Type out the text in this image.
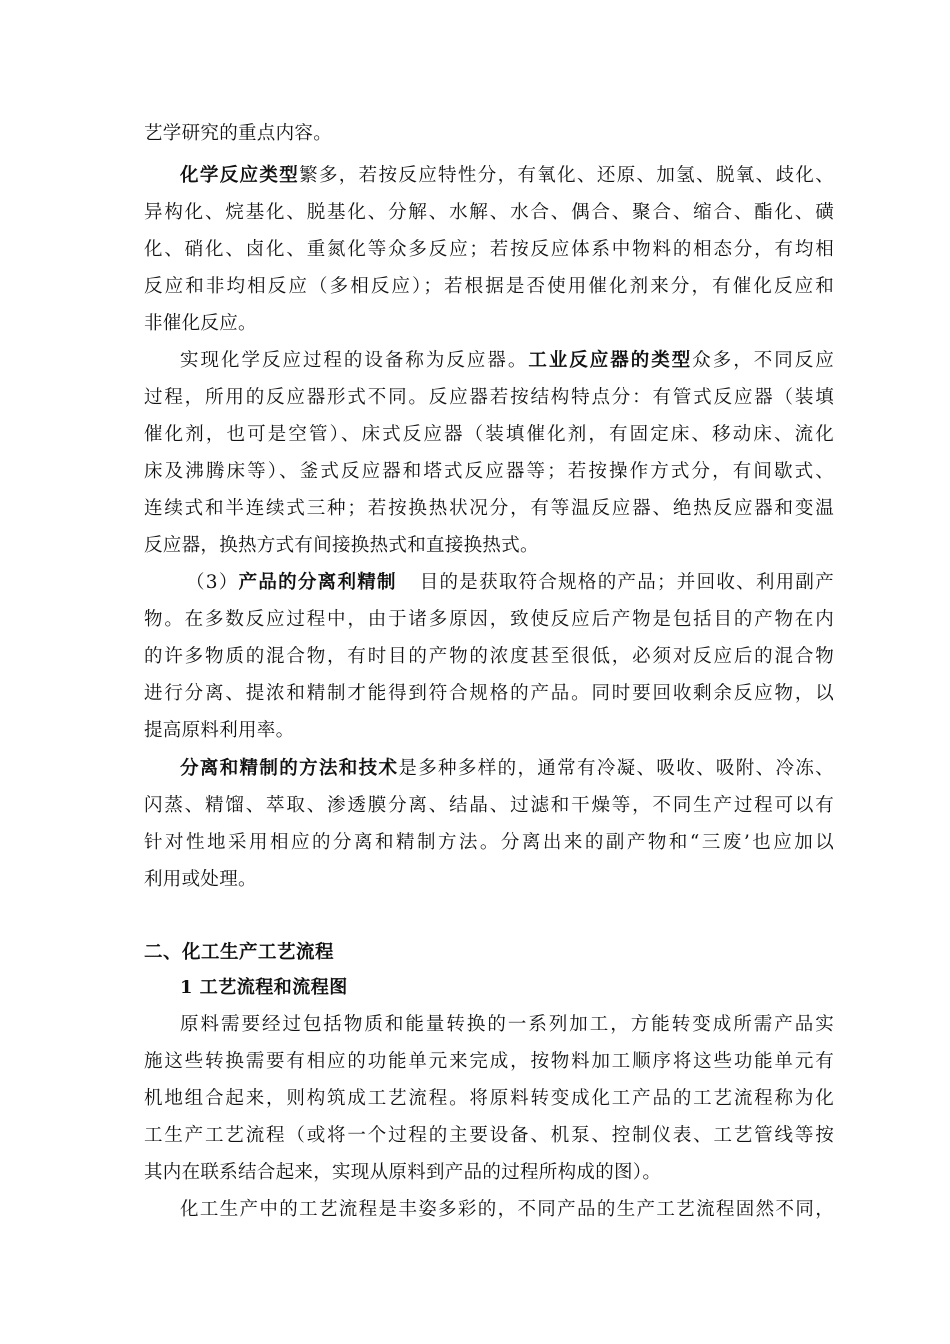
艺学研究的重点内容。
化学反应类型繁多，若按反应特性分，有氧化、还原、加氢、脱氧、歧化、
异构化、烷基化、脱基化、分解、水解、水合、偶合、聚合、缩合、酯化、磺
化、硝化、卤化、重氮化等众多反应；若按反应体系中物料的相态分，有均相
反应和非均相反应（多相反应）；若根据是否使用催化剂来分，有催化反应和
非催化反应。
实现化学反应过程的设备称为反应器。工业反应器的类型众多，不同反应
过程，所用的反应器形式不同。反应器若按结构特点分：有管式反应器（装填
催化剂，也可是空管）、床式反应器（装填催化剂，有固定床、移动床、流化
床及沸腾床等）、釜式反应器和塔式反应器等；若按操作方式分，有间歇式、
连续式和半连续式三种；若按换热状况分，有等温反应器、绝热反应器和变温
反应器，换热方式有间接换热式和直接换热式。
（3）产品的分离利精制 目的是获取符合规格的产品；并回收、利用副产
物。在多数反应过程中，由于诸多原因，致使反应后产物是包括目的产物在内
的许多物质的混合物，有时目的产物的浓度甚至很低，必须对反应后的混合物
进行分离、提浓和精制才能得到符合规格的产品。同时要回收剩余反应物，以
提高原料利用率。
分离和精制的方法和技术是多种多样的，通常有冷凝、吸收、吸附、冷冻、
闪蒸、精馏、萃取、渗透膜分离、结晶、过滤和干燥等，不同生产过程可以有
针对性地采用相应的分离和精制方法。分离出来的副产物和“三废’也应加以
利用或处理。
二、化工生产工艺流程
1 工艺流程和流程图
原料需要经过包括物质和能量转换的一系列加工，方能转变成所需产品实
施这些转换需要有相应的功能单元来完成，按物料加工顺序将这些功能单元有
机地组合起来，则构筑成工艺流程。将原料转变成化工产品的工艺流程称为化
工生产工艺流程（或将一个过程的主要设备、机泵、控制仪表、工艺管线等按
其内在联系结合起来，实现从原料到产品的过程所构成的图）。
化工生产中的工艺流程是丰姿多彩的，不同产品的生产工艺流程固然不同，
